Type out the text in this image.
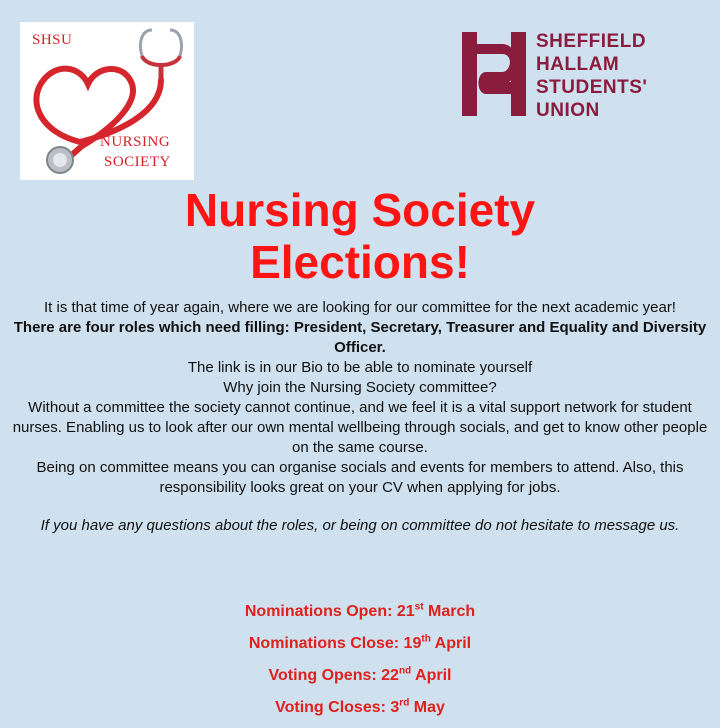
SHSU
NURSING
SOCIETY
SHEFFIELD
HALLAM
STUDENTS'
UNION
Nursing Society
Elections!

It is that time of year again, where we are looking for our committee for the next academic year!

There are four roles which need filling: President, Secretary, Treasurer and Equality and Diversity Officer.

The link is in our Bio to be able to nominate yourself

Why join the Nursing Society committee?

Without a committee the society cannot continue, and we feel it is a vital support network for student nurses. Enabling us to look after our own mental wellbeing through socials, and get to know other people on the same course.

Being on committee means you can organise socials and events for members to attend. Also, this responsibility looks great on your CV when applying for jobs.

If you have any questions about the roles, or being on committee do not hesitate to message us.

Nominations Open: 21st March
Nominations Close: 19th April
Voting Opens: 22nd April
Voting Closes: 3rd May
